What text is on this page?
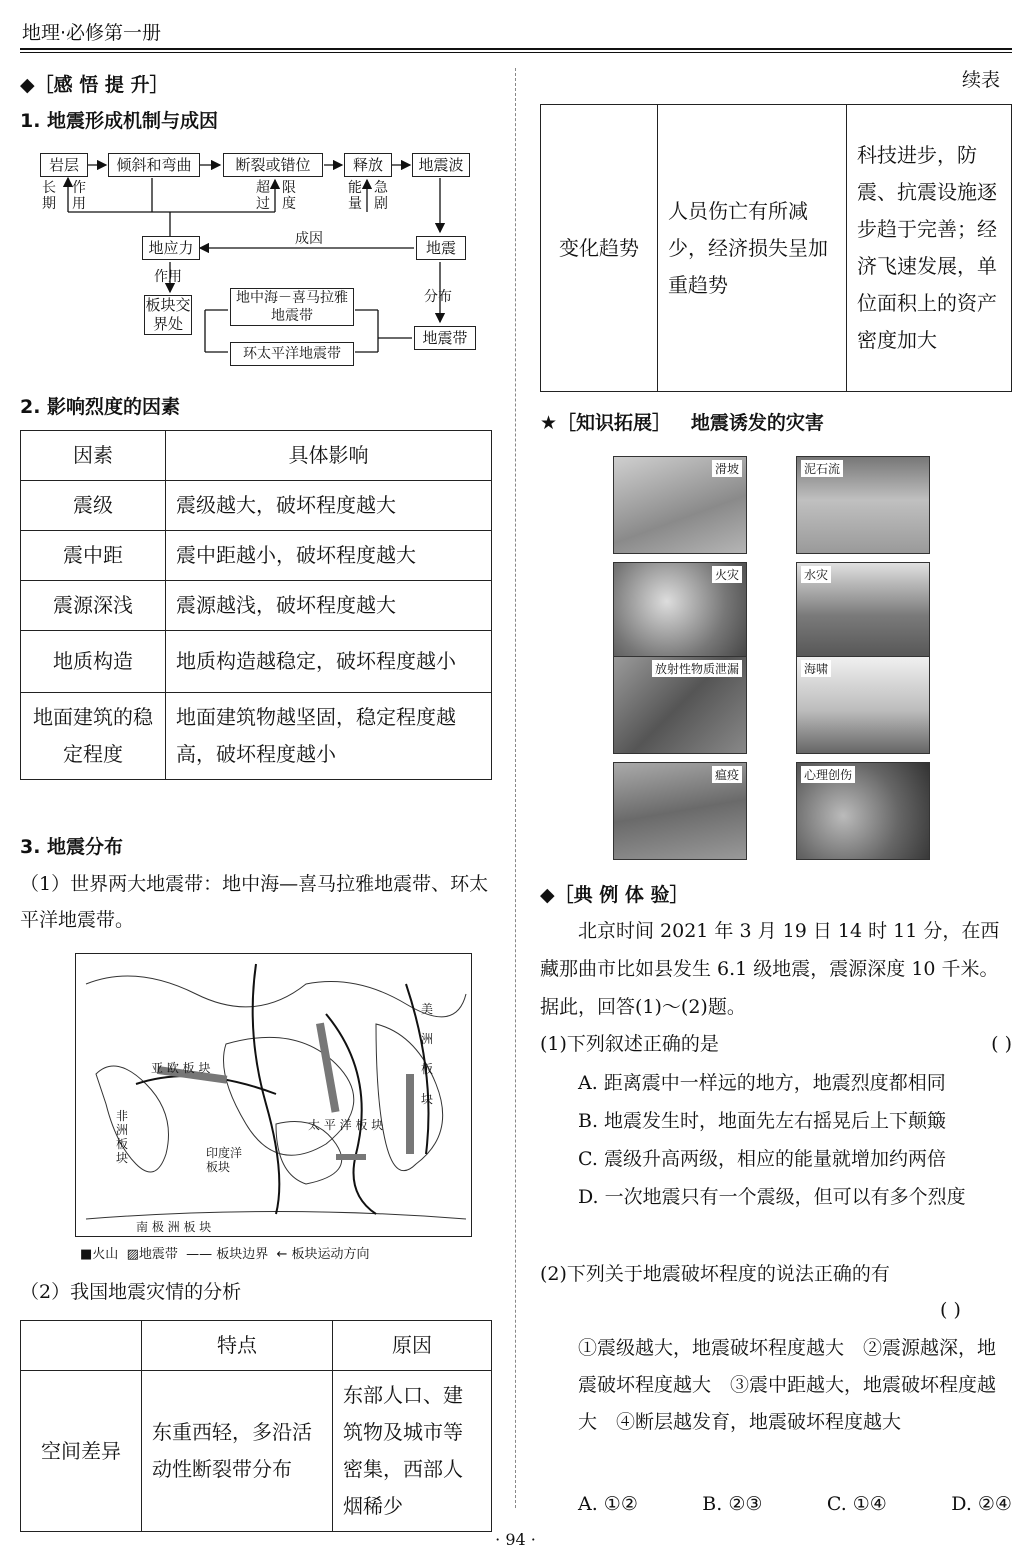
地理·必修第一册
◆［感 悟 提 升］
1. 地震形成机制与成因
岩层	倾斜和弯曲	断裂或错位	释放	地震波
地应力	地震
板块交界处
地中海－喜马拉雅地震带
环太平洋地震带
地震带
成因
作用
分布
长期
作用
超过
限度
能量
急剧
2. 影响烈度的因素
因素	具体影响
震级	震级越大，破坏程度越大
震中距	震中距越小，破坏程度越大
震源深浅	震源越浅，破坏程度越大
地质构造	地质构造越稳定，破坏程度越小
地面建筑的稳定程度	地面建筑物越坚固，稳定程度越高，破坏程度越小
3. 地震分布
（1）世界两大地震带：地中海—喜马拉雅地震带、环太平洋地震带。
亚 欧 板 块
太 平 洋 板 块
印度洋板块
非洲板块
美 洲 板 块
南 极 洲 板 块
■火山 ▨地震带 —— 板块边界 ← 板块运动方向
（2）我国地震灾情的分析
	特点	原因
空间差异	东重西轻，多沿活动性断裂带分布	东部人口、建筑物及城市等密集，西部人烟稀少
续表
变化趋势	人员伤亡有所减少，经济损失呈加重趋势	科技进步，防震、抗震设施逐步趋于完善；经济飞速发展，单位面积上的资产密度加大
★［知识拓展］ 地震诱发的灾害
滑坡	泥石流
火灾	水灾
放射性物质泄漏	海啸
瘟疫	心理创伤
◆［典 例 体 验］
北京时间 2021 年 3 月 19 日 14 时 11 分，在西藏那曲市比如县发生 6.1 级地震，震源深度 10 千米。据此，回答(1)～(2)题。
(1)下列叙述正确的是	( )
A. 距离震中一样远的地方，地震烈度都相同
B. 地震发生时，地面先左右摇晃后上下颠簸
C. 震级升高两级，相应的能量就增加约两倍
D. 一次地震只有一个震级，但可以有多个烈度
(2)下列关于地震破坏程度的说法正确的有
( )
①震级越大，地震破坏程度越大　②震源越深，地震破坏程度越大　③震中距越大，地震破坏程度越大　④断层越发育，地震破坏程度越大
A. ①②	B. ②③	C. ①④	D. ②④
· 94 ·
